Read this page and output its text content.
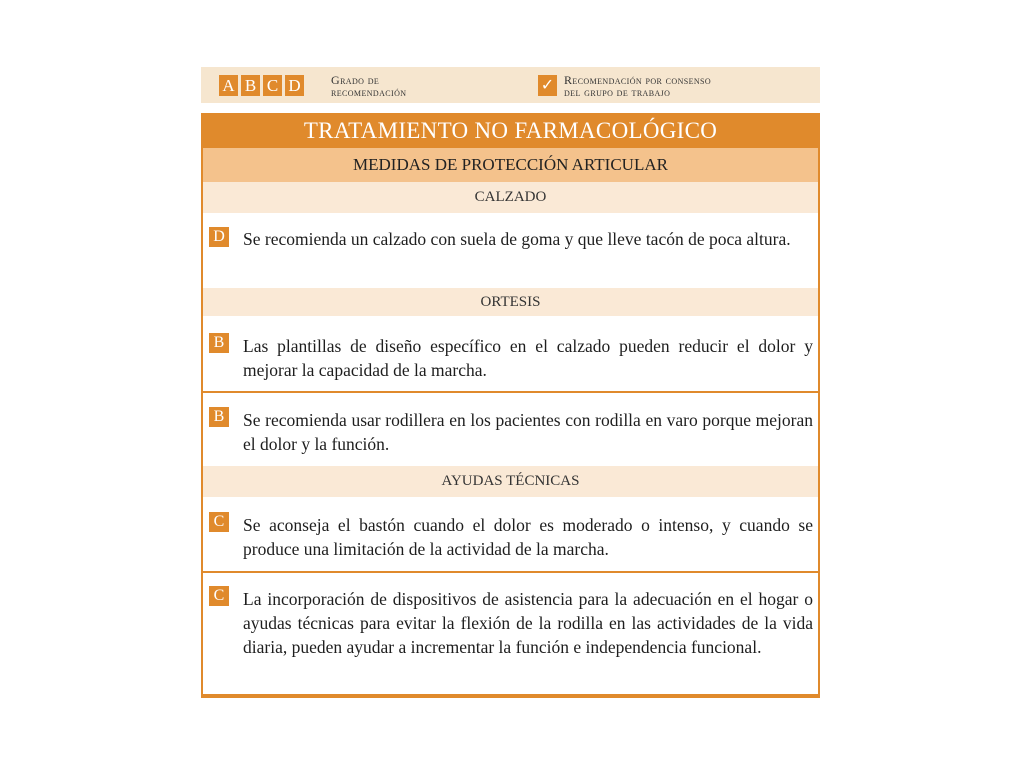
A B C D	Grado de
recomendación	✓ Recomendación por consenso
del grupo de trabajo
TRATAMIENTO NO FARMACOLÓGICO
MEDIDAS DE PROTECCIÓN ARTICULAR
CALZADO
D Se recomienda un calzado con suela de goma y que lleve tacón de poca altura.
ORTESIS
B Las plantillas de diseño específico en el calzado pueden reducir el dolor y mejorar la capacidad de la marcha.
B Se recomienda usar rodillera en los pacientes con rodilla en varo porque mejoran el dolor y la función.
AYUDAS TÉCNICAS
C Se aconseja el bastón cuando el dolor es moderado o intenso, y cuando se produce una limitación de la actividad de la marcha.
C La incorporación de dispositivos de asistencia para la adecuación en el hogar o ayudas técnicas para evitar la flexión de la rodilla en las actividades de la vida diaria, pueden ayudar a incrementar la función e independencia funcional.
